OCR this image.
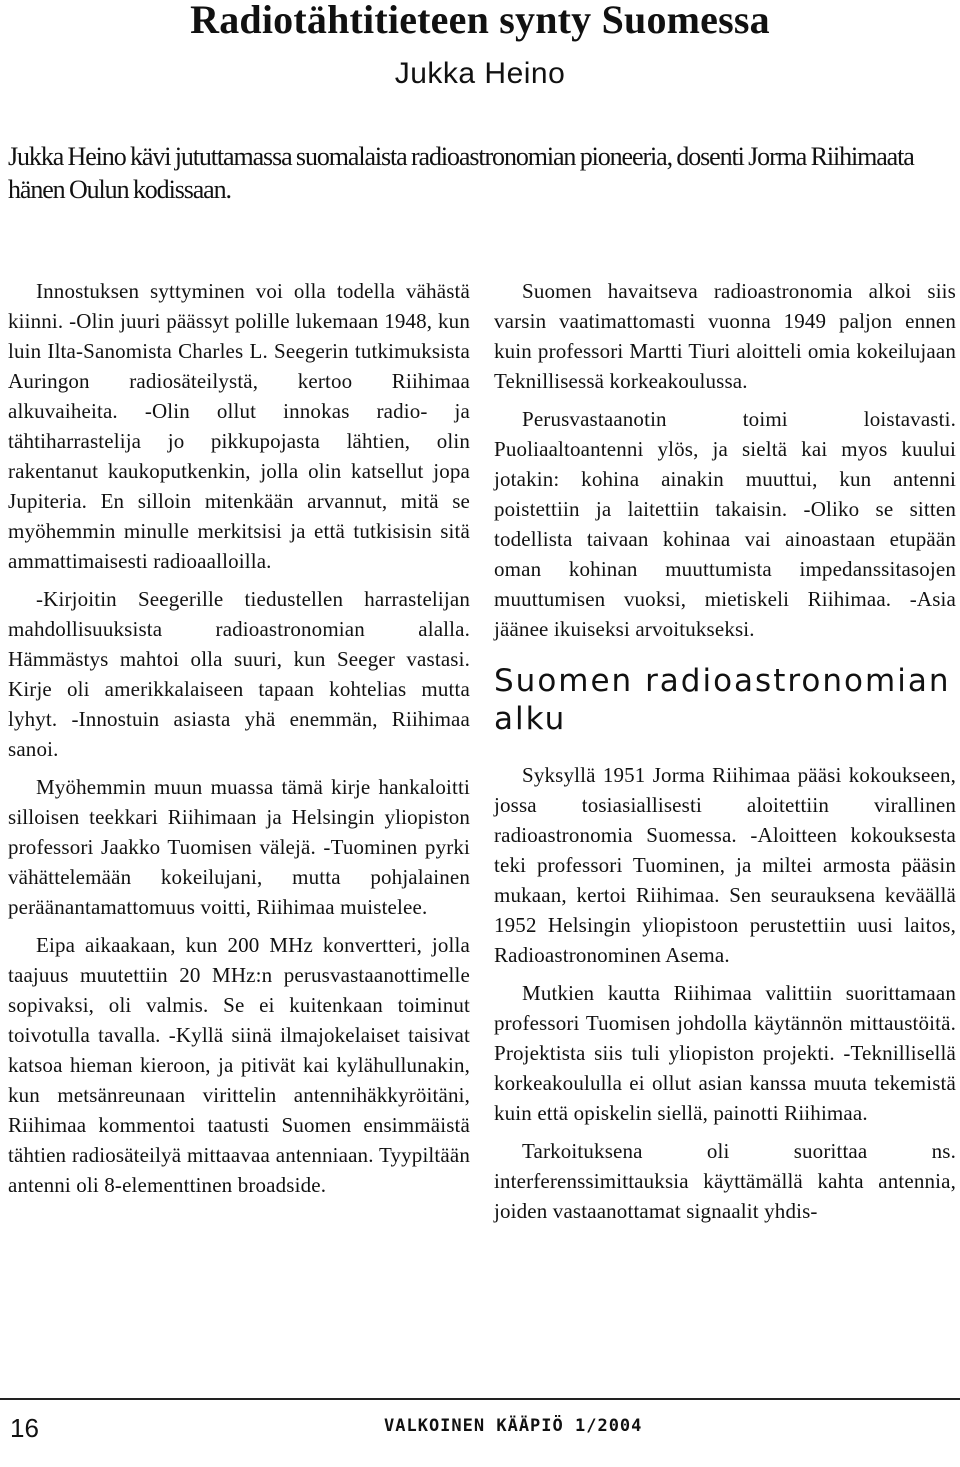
Radiotähtitieteen synty Suomessa
Jukka Heino
Jukka Heino kävi jututtamassa suomalaista radioastronomian pioneeria, dosenti Jorma Riihimaata hänen Oulun kodissaan.

Innostuksen syttyminen voi olla todella vähästä kiinni. -Olin juuri päässyt polille lukemaan 1948, kun luin Ilta-Sanomista Charles L. Seegerin tutkimuksista Auringon radiosäteilystä, kertoo Riihimaa alkuvaiheita. -Olin ollut innokas radio- ja tähtiharrastelija jo pikkupojasta lähtien, olin rakentanut kaukoputkenkin, jolla olin katsellut jopa Jupiteria. En silloin mitenkään arvannut, mitä se myöhemmin minulle merkitsisi ja että tutkisisin sitä ammattimaisesti radioaalloilla.

-Kirjoitin Seegerille tiedustellen harrastelijan mahdollisuuksista radioastronomian alalla. Hämmästys mahtoi olla suuri, kun Seeger vastasi. Kirje oli amerikkalaiseen tapaan kohtelias mutta lyhyt. -Innostuin asiasta yhä enemmän, Riihimaa sanoi.

Myöhemmin muun muassa tämä kirje hankaloitti silloisen teekkari Riihimaan ja Helsingin yliopiston professori Jaakko Tuomisen välejä. -Tuominen pyrki vähättelemään kokeilujani, mutta pohjalainen peräänantamattomuus voitti, Riihimaa muistelee.

Eipa aikaakaan, kun 200 MHz konvertteri, jolla taajuus muutettiin 20 MHz:n perusvastaanottimelle sopivaksi, oli valmis. Se ei kuitenkaan toiminut toivotulla tavalla. -Kyllä siinä ilmajokelaiset taisivat katsoa hieman kieroon, ja pitivät kai kylähullunakin, kun metsänreunaan virittelin antennihäkkyröitäni, Riihimaa kommentoi taatusti Suomen ensimmäistä tähtien radiosäteilyä mittaavaa antenniaan. Tyypiltään antenni oli 8-elementtinen broadside.

Suomen havaitseva radioastronomia alkoi siis varsin vaatimattomasti vuonna 1949 paljon ennen kuin professori Martti Tiuri aloitteli omia kokeilujaan Teknillisessä korkeakoulussa.

Perusvastaanotin toimi loistavasti. Puoliaaltoantenni ylös, ja sieltä kai myos kuului jotakin: kohina ainakin muuttui, kun antenni poistettiin ja laitettiin takaisin. -Oliko se sitten todellista taivaan kohinaa vai ainoastaan etupään oman kohinan muuttumista impedanssitasojen muuttumisen vuoksi, mietiskeli Riihimaa. -Asia jäänee ikuiseksi arvoitukseksi.

Suomen radioastronomian alku

Syksyllä 1951 Jorma Riihimaa pääsi kokoukseen, jossa tosiasiallisesti aloitettiin virallinen radioastronomia Suomessa. -Aloitteen kokouksesta teki professori Tuominen, ja miltei armosta pääsin mukaan, kertoi Riihimaa. Sen seurauksena keväällä 1952 Helsingin yliopistoon perustettiin uusi laitos, Radioastronominen Asema.

Mutkien kautta Riihimaa valittiin suorittamaan professori Tuomisen johdolla käytännön mittaustöitä. Projektista siis tuli yliopiston projekti. -Teknillisellä korkeakoululla ei ollut asian kanssa muuta tekemistä kuin että opiskelin siellä, painotti Riihimaa.

Tarkoituksena oli suorittaa ns. interferenssimittauksia käyttämällä kahta antennia, joiden vastaanottamat signaalit yhdis-

16	VALKOINEN KÄÄPIÖ 1/2004
